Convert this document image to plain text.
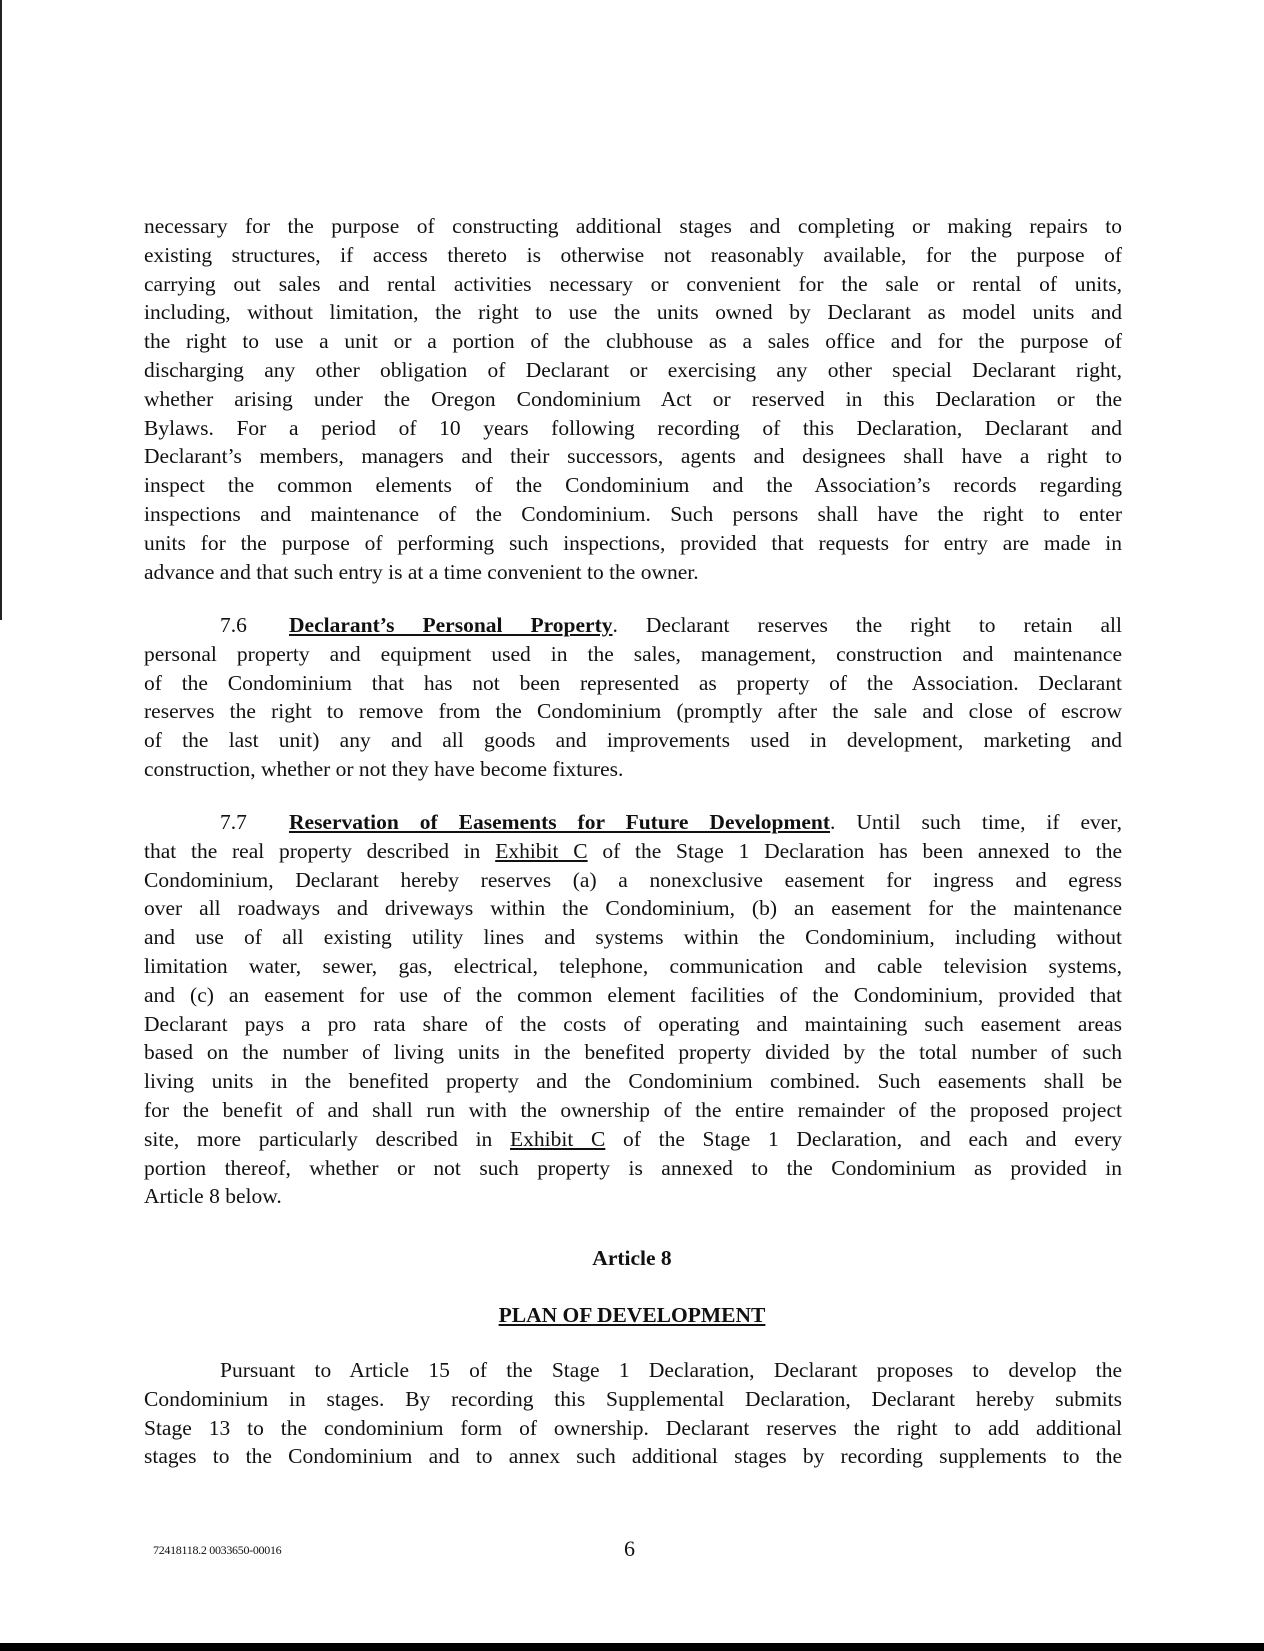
necessary for the purpose of constructing additional stages and completing or making repairs to
existing structures, if access thereto is otherwise not reasonably available, for the purpose of
carrying out sales and rental activities necessary or convenient for the sale or rental of units,
including, without limitation, the right to use the units owned by Declarant as model units and
the right to use a unit or a portion of the clubhouse as a sales office and for the purpose of
discharging any other obligation of Declarant or exercising any other special Declarant right,
whether arising under the Oregon Condominium Act or reserved in this Declaration or the
Bylaws. For a period of 10 years following recording of this Declaration, Declarant and
Declarant’s members, managers and their successors, agents and designees shall have a right to
inspect the common elements of the Condominium and the Association’s records regarding
inspections and maintenance of the Condominium. Such persons shall have the right to enter
units for the purpose of performing such inspections, provided that requests for entry are made in
advance and that such entry is at a time convenient to the owner.
7.6 Declarant’s Personal Property. Declarant reserves the right to retain all
personal property and equipment used in the sales, management, construction and maintenance
of the Condominium that has not been represented as property of the Association. Declarant
reserves the right to remove from the Condominium (promptly after the sale and close of escrow
of the last unit) any and all goods and improvements used in development, marketing and
construction, whether or not they have become fixtures.
7.7 Reservation of Easements for Future Development. Until such time, if ever,
that the real property described in Exhibit C of the Stage 1 Declaration has been annexed to the
Condominium, Declarant hereby reserves (a) a nonexclusive easement for ingress and egress
over all roadways and driveways within the Condominium, (b) an easement for the maintenance
and use of all existing utility lines and systems within the Condominium, including without
limitation water, sewer, gas, electrical, telephone, communication and cable television systems,
and (c) an easement for use of the common element facilities of the Condominium, provided that
Declarant pays a pro rata share of the costs of operating and maintaining such easement areas
based on the number of living units in the benefited property divided by the total number of such
living units in the benefited property and the Condominium combined. Such easements shall be
for the benefit of and shall run with the ownership of the entire remainder of the proposed project
site, more particularly described in Exhibit C of the Stage 1 Declaration, and each and every
portion thereof, whether or not such property is annexed to the Condominium as provided in
Article 8 below.
Article 8
PLAN OF DEVELOPMENT
Pursuant to Article 15 of the Stage 1 Declaration, Declarant proposes to develop the
Condominium in stages. By recording this Supplemental Declaration, Declarant hereby submits
Stage 13 to the condominium form of ownership. Declarant reserves the right to add additional
stages to the Condominium and to annex such additional stages by recording supplements to the
72418118.2 0033650-00016	6
